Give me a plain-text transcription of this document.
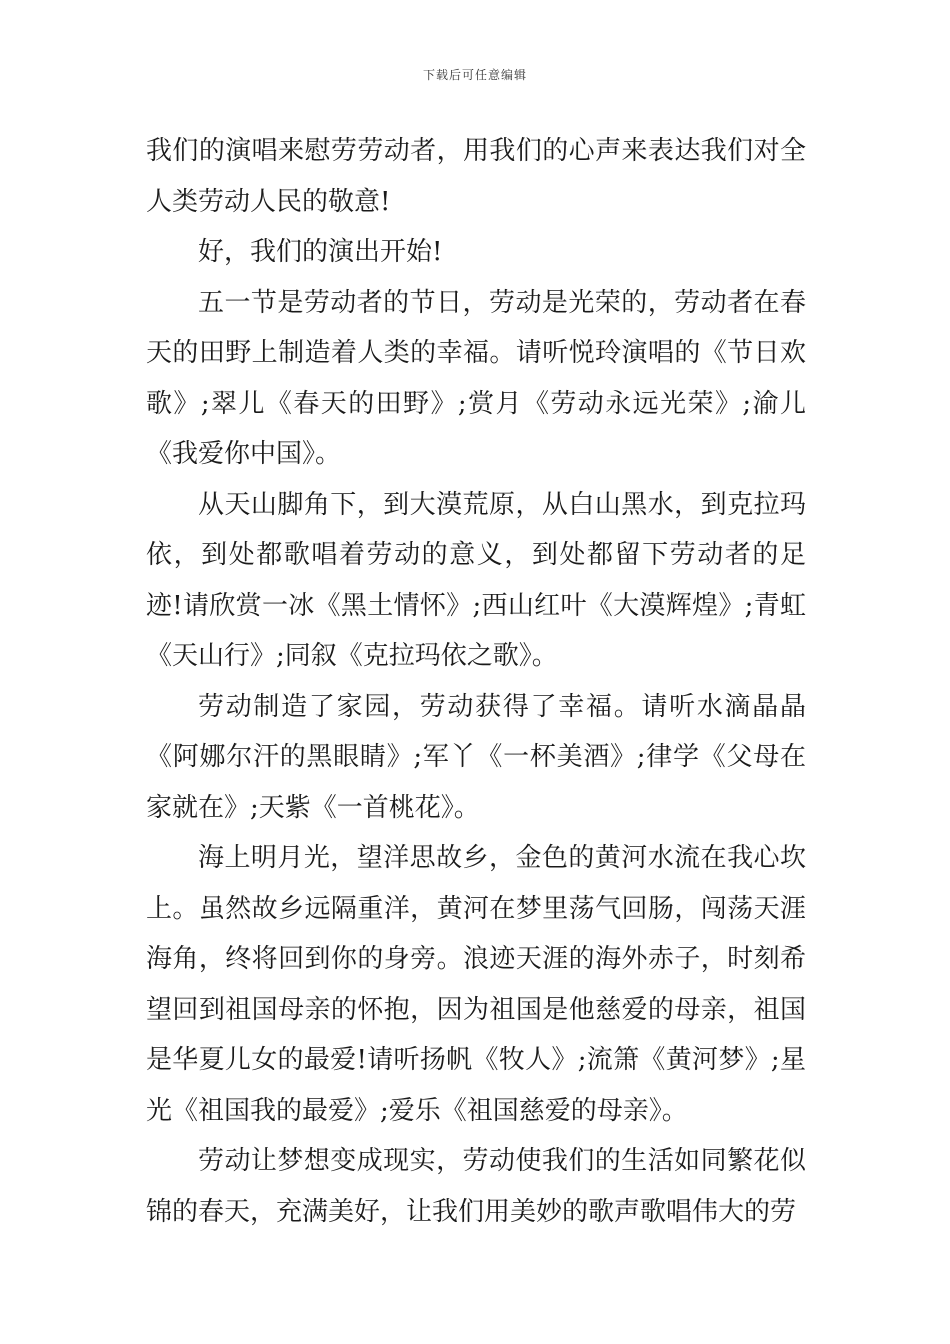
下载后可任意编辑

我们的演唱来慰劳劳动者，用我们的心声来表达我们对全人类劳动人民的敬意!

好，我们的演出开始!

五一节是劳动者的节日，劳动是光荣的，劳动者在春天的田野上制造着人类的幸福。请听悦玲演唱的《节日欢歌》;翠儿《春天的田野》;赏月《劳动永远光荣》;渝儿《我爱你中国》。

从天山脚角下，到大漠荒原，从白山黑水，到克拉玛依，到处都歌唱着劳动的意义，到处都留下劳动者的足迹!请欣赏一冰《黑土情怀》;西山红叶《大漠辉煌》;青虹《天山行》;同叙《克拉玛依之歌》。

劳动制造了家园，劳动获得了幸福。请听水滴晶晶《阿娜尔汗的黑眼睛》;军丫《一杯美酒》;律学《父母在家就在》;天紫《一首桃花》。

海上明月光，望洋思故乡，金色的黄河水流在我心坎上。虽然故乡远隔重洋，黄河在梦里荡气回肠，闯荡天涯海角，终将回到你的身旁。浪迹天涯的海外赤子，时刻希望回到祖国母亲的怀抱，因为祖国是他慈爱的母亲，祖国是华夏儿女的最爱!请听扬帆《牧人》;流箫《黄河梦》;星光《祖国我的最爱》;爱乐《祖国慈爱的母亲》。

劳动让梦想变成现实，劳动使我们的生活如同繁花似锦的春天，充满美好，让我们用美妙的歌声歌唱伟大的劳
